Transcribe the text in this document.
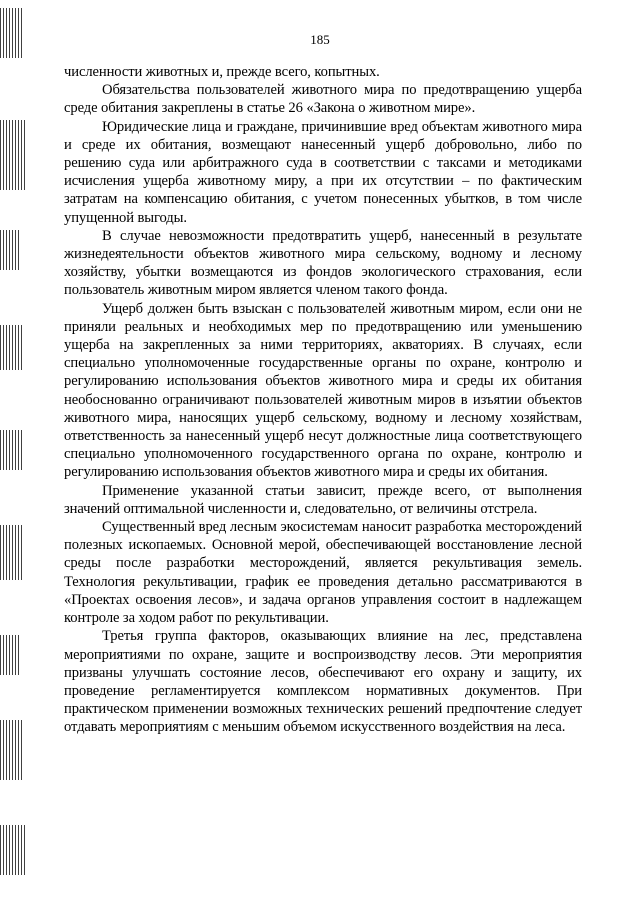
185

численности животных и, прежде всего, копытных.

Обязательства пользователей животного мира по предотвращению ущерба среде обитания закреплены в статье 26 «Закона о животном мире».

Юридические лица и граждане, причинившие вред объектам животного мира и среде их обитания, возмещают нанесенный ущерб добровольно, либо по решению суда или арбитражного суда в соответствии с таксами и методиками исчисления ущерба животному миру, а при их отсутствии – по фактическим затратам на компенсацию обитания, с учетом понесенных убытков, в том числе упущенной выгоды.

В случае невозможности предотвратить ущерб, нанесенный в результате жизнедеятельности объектов животного мира сельскому, водному и лесному хозяйству, убытки возмещаются из фондов экологического страхования, если пользователь животным миром является членом такого фонда.

Ущерб должен быть взыскан с пользователей животным миром, если они не приняли реальных и необходимых мер по предотвращению или уменьшению ущерба на закрепленных за ними территориях, акваториях. В случаях, если специально уполномоченные государственные органы по охране, контролю и регулированию использования объектов животного мира и среды их обитания необоснованно ограничивают пользователей животным миров в изъятии объектов животного мира, наносящих ущерб сельскому, водному и лесному хозяйствам, ответственность за нанесенный ущерб несут должностные лица соответствующего специально уполномоченного государственного органа по охране, контролю и регулированию использования объектов животного мира и среды их обитания.

Применение указанной статьи зависит, прежде всего, от выполнения значений оптимальной численности и, следовательно, от величины отстрела.

Существенный вред лесным экосистемам наносит разработка месторождений полезных ископаемых. Основной мерой, обеспечивающей восстановление лесной среды после разработки месторождений, является рекультивация земель. Технология рекультивации, график ее проведения детально рассматриваются в «Проектах освоения лесов», и задача органов управления состоит в надлежащем контроле за ходом работ по рекультивации.

Третья группа факторов, оказывающих влияние на лес, представлена мероприятиями по охране, защите и воспроизводству лесов. Эти мероприятия призваны улучшать состояние лесов, обеспечивают его охрану и защиту, их проведение регламентируется комплексом нормативных документов. При практическом применении возможных технических решений предпочтение следует отдавать мероприятиям с меньшим объемом искусственного воздействия на леса.
